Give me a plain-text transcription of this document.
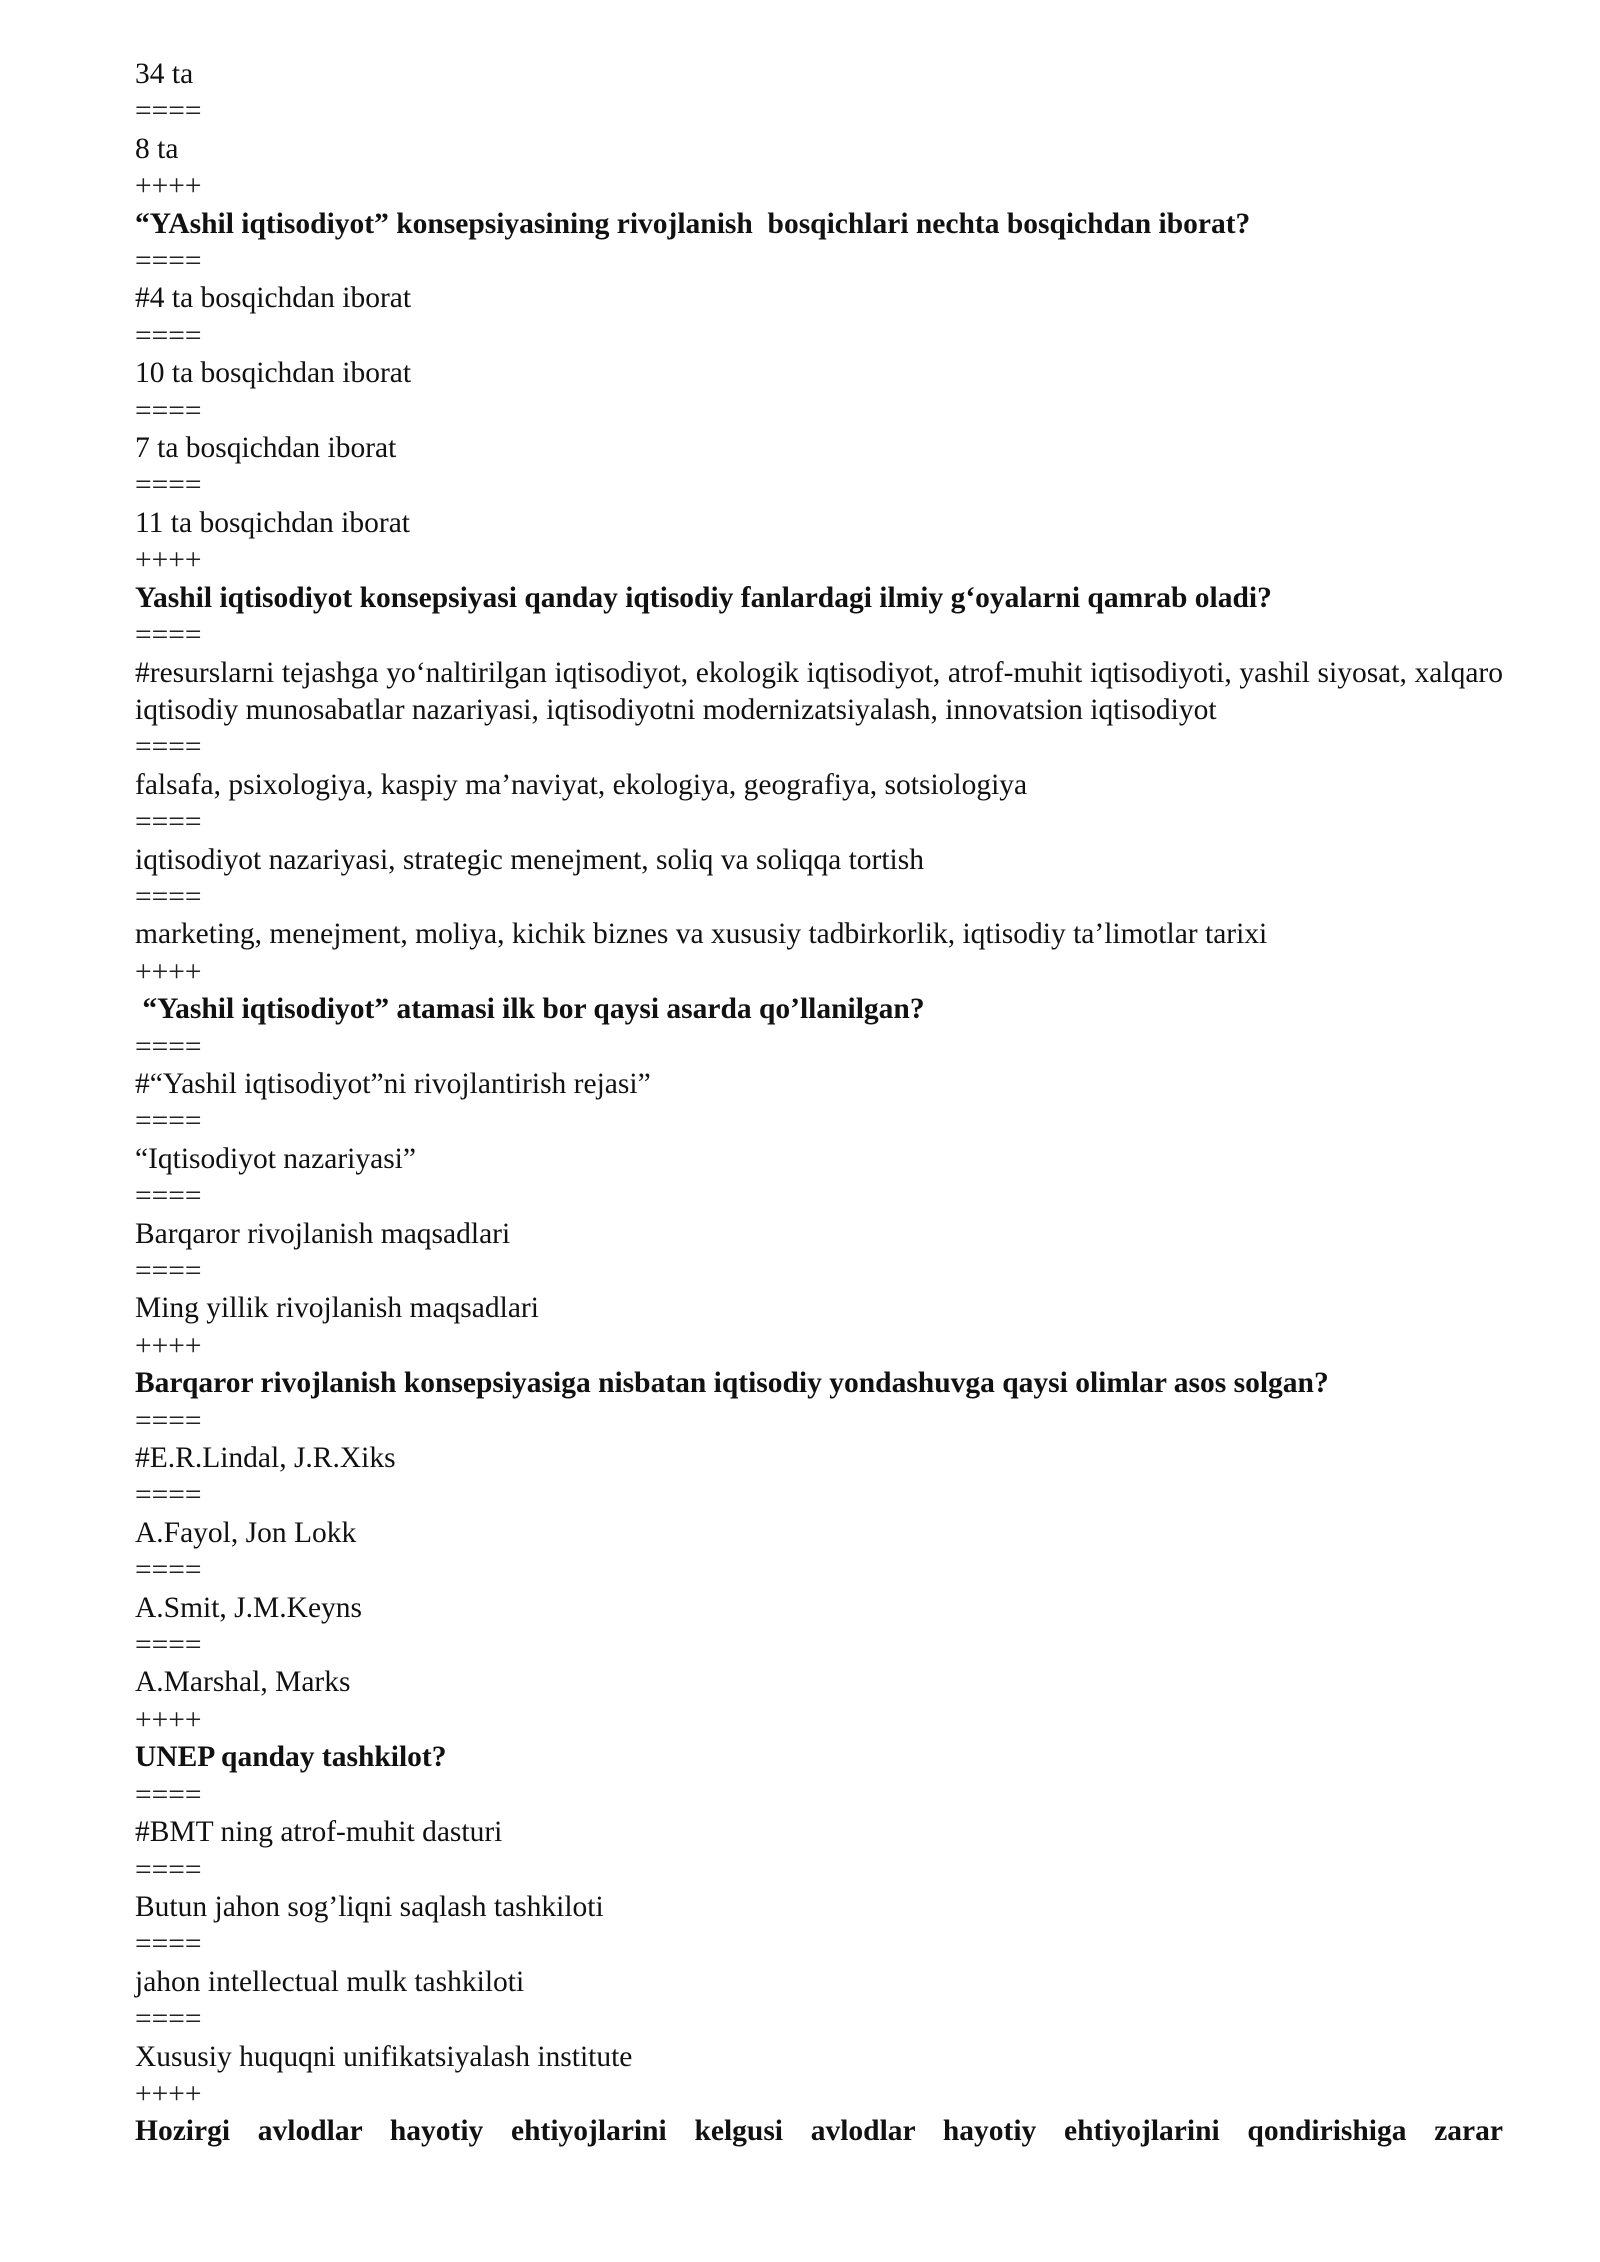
34 ta

====

8 ta

++++

“YAshil iqtisodiyot” konsepsiyasining rivojlanish  bosqichlari nechta bosqichdan iborat?

====

#4 ta bosqichdan iborat

====

10 ta bosqichdan iborat

====

7 ta bosqichdan iborat

====

11 ta bosqichdan iborat

++++

Yashil iqtisodiyot konsepsiyasi qanday iqtisodiy fanlardagi ilmiy g‘oyalarni qamrab oladi?

====

#resurslarni tejashga yo‘naltirilgan iqtisodiyot, ekologik iqtisodiyot, atrof-muhit iqtisodiyoti, yashil siyosat, xalqaro iqtisodiy munosabatlar nazariyasi, iqtisodiyotni modernizatsiyalash, innovatsion iqtisodiyot

====

falsafa, psixologiya, kaspiy ma’naviyat, ekologiya, geografiya, sotsiologiya

====

iqtisodiyot nazariyasi, strategic menejment, soliq va soliqqa tortish

====

marketing, menejment, moliya, kichik biznes va xususiy tadbirkorlik, iqtisodiy ta’limotlar tarixi

++++

“Yashil iqtisodiyot” atamasi ilk bor qaysi asarda qo’llanilgan?

====

#“Yashil iqtisodiyot”ni rivojlantirish rejasi”

====

“Iqtisodiyot nazariyasi”

====

Barqaror rivojlanish maqsadlari

====

Ming yillik rivojlanish maqsadlari

++++

Barqaror rivojlanish konsepsiyasiga nisbatan iqtisodiy yondashuvga qaysi olimlar asos solgan?

====

#E.R.Lindal, J.R.Xiks

====

A.Fayol, Jon Lokk

====

A.Smit, J.M.Keyns

====

A.Marshal, Marks

++++

UNEP qanday tashkilot?

====

#BMT ning atrof-muhit dasturi

====

Butun jahon sog’liqni saqlash tashkiloti

====

jahon intellectual mulk tashkiloti

====

Xususiy huquqni unifikatsiyalash institute

++++

Hozirgi avlodlar hayotiy ehtiyojlarini kelgusi avlodlar hayotiy ehtiyojlarini qondirishiga zarar
